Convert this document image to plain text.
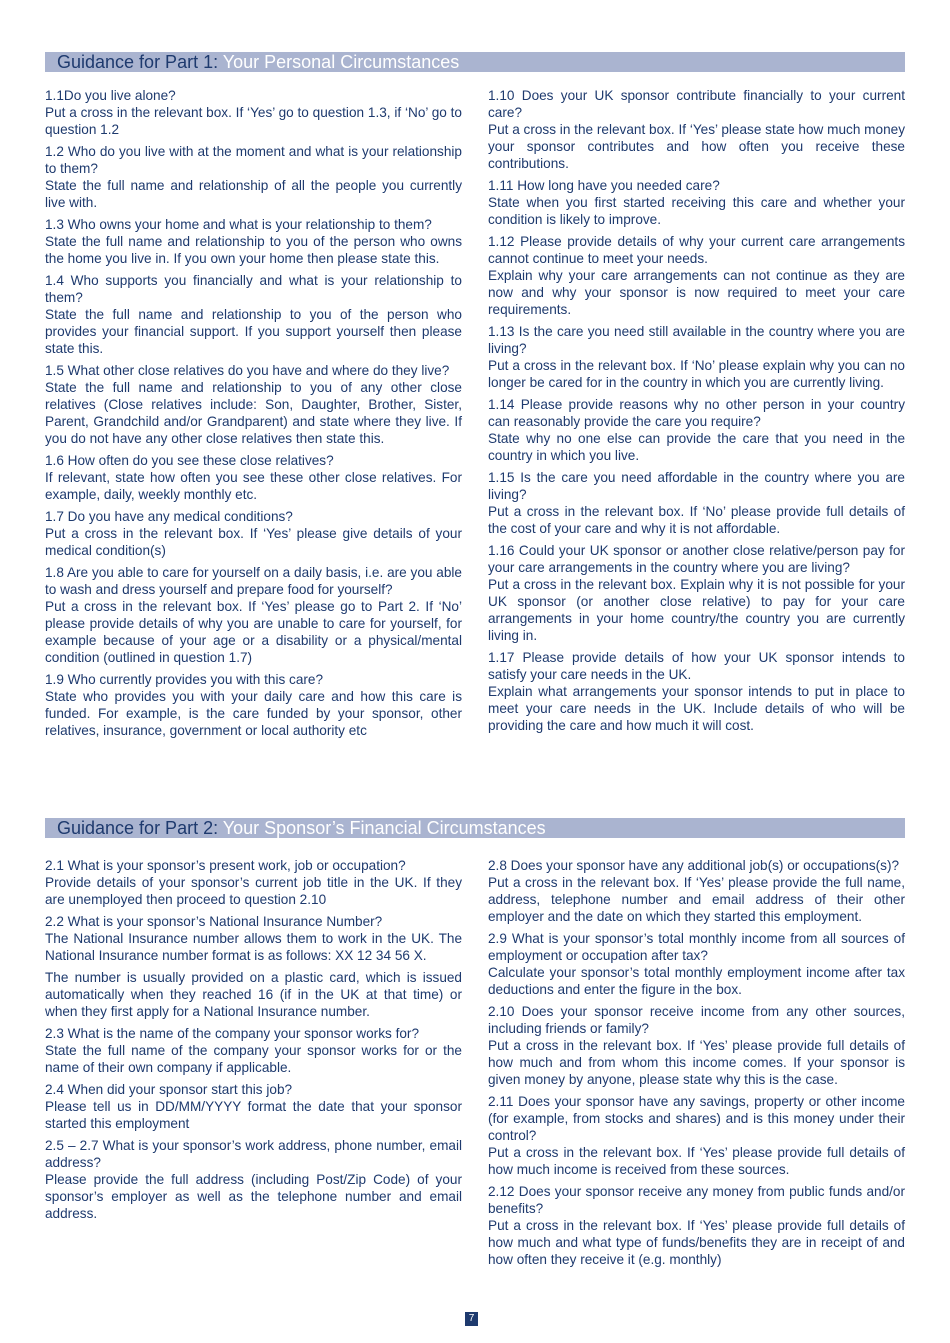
Guidance for Part 1: Your Personal Circumstances
1.1Do you live alone?
Put a cross in the relevant box. If ‘Yes’ go to question 1.3, if ‘No’ go to question 1.2
1.2 Who do you live with at the moment and what is your relationship to them?
State the full name and relationship of all the people you currently live with.
1.3 Who owns your home and what is your relationship to them?
State the full name and relationship to you of the person who owns the home you live in. If you own your home then please state this.
1.4 Who supports you financially and what is your relationship to them?
State the full name and relationship to you of the person who provides your financial support. If you support yourself then please state this.
1.5 What other close relatives do you have and where do they live?
State the full name and relationship to you of any other close relatives (Close relatives include: Son, Daughter, Brother, Sister, Parent, Grandchild and/or Grandparent) and state where they live. If you do not have any other close relatives then state this.
1.6 How often do you see these close relatives?
If relevant, state how often you see these other close relatives. For example, daily, weekly monthly etc.
1.7 Do you have any medical conditions?
Put a cross in the relevant box. If ‘Yes’ please give details of your medical condition(s)
1.8 Are you able to care for yourself on a daily basis, i.e. are you able to wash and dress yourself and prepare food for yourself?
Put a cross in the relevant box. If ‘Yes’ please go to Part 2. If ‘No’ please provide details of why you are unable to care for yourself, for example because of your age or a disability or a physical/mental condition (outlined in question 1.7)
1.9 Who currently provides you with this care?
State who provides you with your daily care and how this care is funded. For example, is the care funded by your sponsor, other relatives, insurance, government or local authority etc
1.10 Does your UK sponsor contribute financially to your current care?
Put a cross in the relevant box. If ‘Yes’ please state how much money your sponsor contributes and how often you receive these contributions.
1.11 How long have you needed care?
State when you first started receiving this care and whether your condition is likely to improve.
1.12 Please provide details of why your current care arrangements cannot continue to meet your needs.
Explain why your care arrangements can not continue as they are now and why your sponsor is now required to meet your care requirements.
1.13 Is the care you need still available in the country where you are living?
Put a cross in the relevant box. If ‘No’ please explain why you can no longer be cared for in the country in which you are currently living.
1.14 Please provide reasons why no other person in your country can reasonably provide the care you require?
State why no one else can provide the care that you need in the country in which you live.
1.15 Is the care you need affordable in the country where you are living?
Put a cross in the relevant box. If ‘No’ please provide full details of the cost of your care and why it is not affordable.
1.16 Could your UK sponsor or another close relative/person pay for your care arrangements in the country where you are living?
Put a cross in the relevant box. Explain why it is not possible for your UK sponsor (or another close relative) to pay for your care arrangements in your home country/the country you are currently living in.
1.17 Please provide details of how your UK sponsor intends to satisfy your care needs in the UK.
Explain what arrangements your sponsor intends to put in place to meet your care needs in the UK. Include details of who will be providing the care and how much it will cost.
Guidance for Part 2: Your Sponsor’s Financial Circumstances
2.1 What is your sponsor’s present work, job or occupation?
Provide details of your sponsor’s current job title in the UK. If they are unemployed then proceed to question 2.10
2.2 What is your sponsor’s National Insurance Number?
The National Insurance number allows them to work in the UK. The National Insurance number format is as follows: XX 12 34 56 X.
The number is usually provided on a plastic card, which is issued automatically when they reached 16 (if in the UK at that time) or when they first apply for a National Insurance number.
2.3 What is the name of the company your sponsor works for?
State the full name of the company your sponsor works for or the name of their own company if applicable.
2.4 When did your sponsor start this job?
Please tell us in DD/MM/YYYY format the date that your sponsor started this employment
2.5 – 2.7 What is your sponsor’s work address, phone number, email address?
Please provide the full address (including Post/Zip Code) of your sponsor’s employer as well as the telephone number and email address.
2.8 Does your sponsor have any additional job(s) or occupations(s)?
Put a cross in the relevant box. If ‘Yes’ please provide the full name, address, telephone number and email address of their other employer and the date on which they started this employment.
2.9 What is your sponsor’s total monthly income from all sources of employment or occupation after tax?
Calculate your sponsor’s total monthly employment income after tax deductions and enter the figure in the box.
2.10 Does your sponsor receive income from any other sources, including friends or family?
Put a cross in the relevant box. If ‘Yes’ please provide full details of how much and from whom this income comes. If your sponsor is given money by anyone, please state why this is the case.
2.11 Does your sponsor have any savings, property or other income (for example, from stocks and shares) and is this money under their control?
Put a cross in the relevant box. If ‘Yes’ please provide full details of how much income is received from these sources.
2.12 Does your sponsor receive any money from public funds and/or benefits?
Put a cross in the relevant box. If ‘Yes’ please provide full details of how much and what type of funds/benefits they are in receipt of and how often they receive it (e.g. monthly)
7
